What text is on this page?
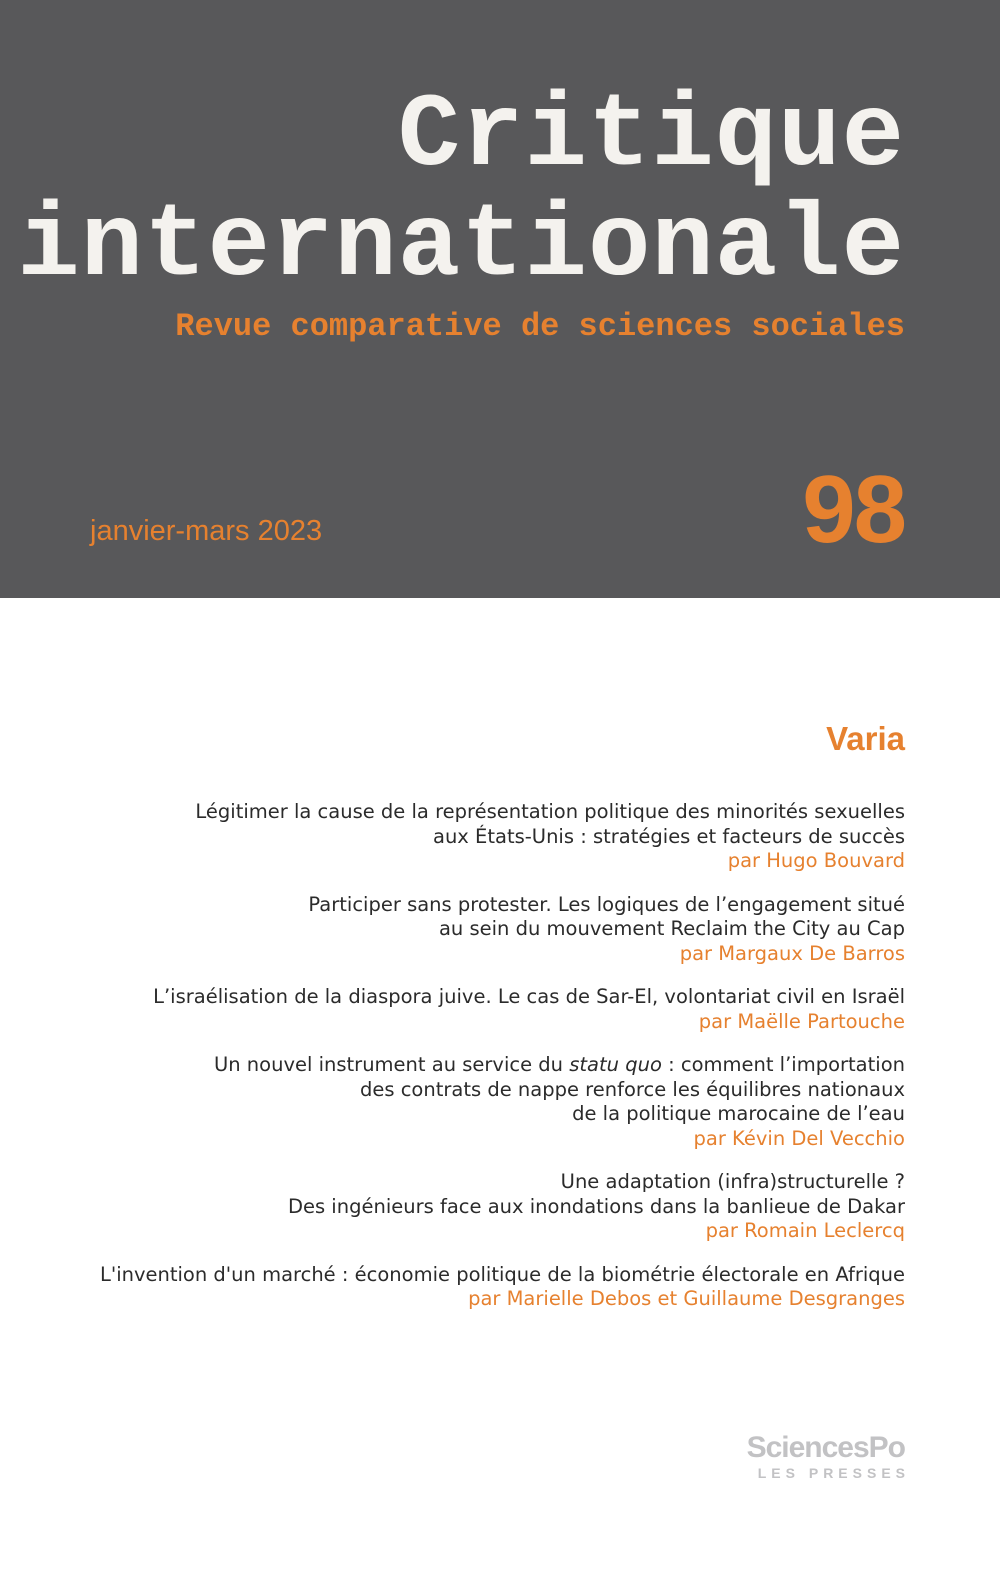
Critique
internationale
Revue comparative de sciences sociales
janvier-mars 2023	98
Varia
Légitimer la cause de la représentation politique des minorités sexuelles
aux États-Unis : stratégies et facteurs de succès
par Hugo Bouvard
Participer sans protester. Les logiques de l’engagement situé
au sein du mouvement Reclaim the City au Cap
par Margaux De Barros
L’israélisation de la diaspora juive. Le cas de Sar-El, volontariat civil en Israël
par Maëlle Partouche
Un nouvel instrument au service du statu quo : comment l’importation
des contrats de nappe renforce les équilibres nationaux
de la politique marocaine de l’eau
par Kévin Del Vecchio
Une adaptation (infra)structurelle ?
Des ingénieurs face aux inondations dans la banlieue de Dakar
par Romain Leclercq
L'invention d'un marché : économie politique de la biométrie électorale en Afrique
par Marielle Debos et Guillaume Desgranges
SciencesPo
LES PRESSES
